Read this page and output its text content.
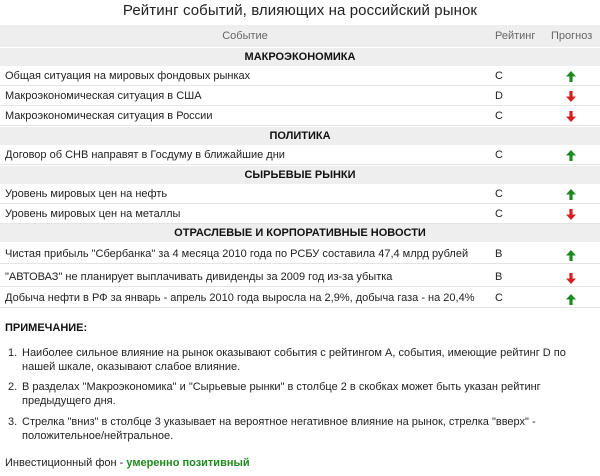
Рейтинг событий, влияющих на российский рынок
Событие	Рейтинг Прогноз
МАКРОЭКОНОМИКА
Общая ситуация на мировых фондовых рынках	C
Макроэкономическая ситуация в США	D
Макроэкономическая ситуация в России	C
ПОЛИТИКА
Договор об СНВ направят в Госдуму в ближайшие дни	C
СЫРЬЕВЫЕ РЫНКИ
Уровень мировых цен на нефть	C
Уровень мировых цен на металлы	C
ОТРАСЛЕВЫЕ И КОРПОРАТИВНЫЕ НОВОСТИ
Чистая прибыль "Сбербанка" за 4 месяца 2010 года по РСБУ составила 47,4 млрд рублей B
"АВТОВАЗ" не планирует выплачивать дивиденды за 2009 год из-за убытка	B
Добыча нефти в РФ за январь - апрель 2010 года выросла на 2,9%, добыча газа - на 20,4% C
ПРИМЕЧАНИЕ:
1. Наиболее сильное влияние на рынок оказывают события с рейтингом А, события, имеющие рейтинг D по нашей шкале, оказывают слабое влияние.
2. В разделах "Макроэкономика" и "Сырьевые рынки" в столбце 2 в скобках может быть указан рейтинг предыдущего дня.
3. Стрелка "вниз" в столбце 3 указывает на вероятное негативное влияние на рынок, стрелка "вверх" - положительное/нейтральное.
Инвестиционный фон - умеренно позитивный
